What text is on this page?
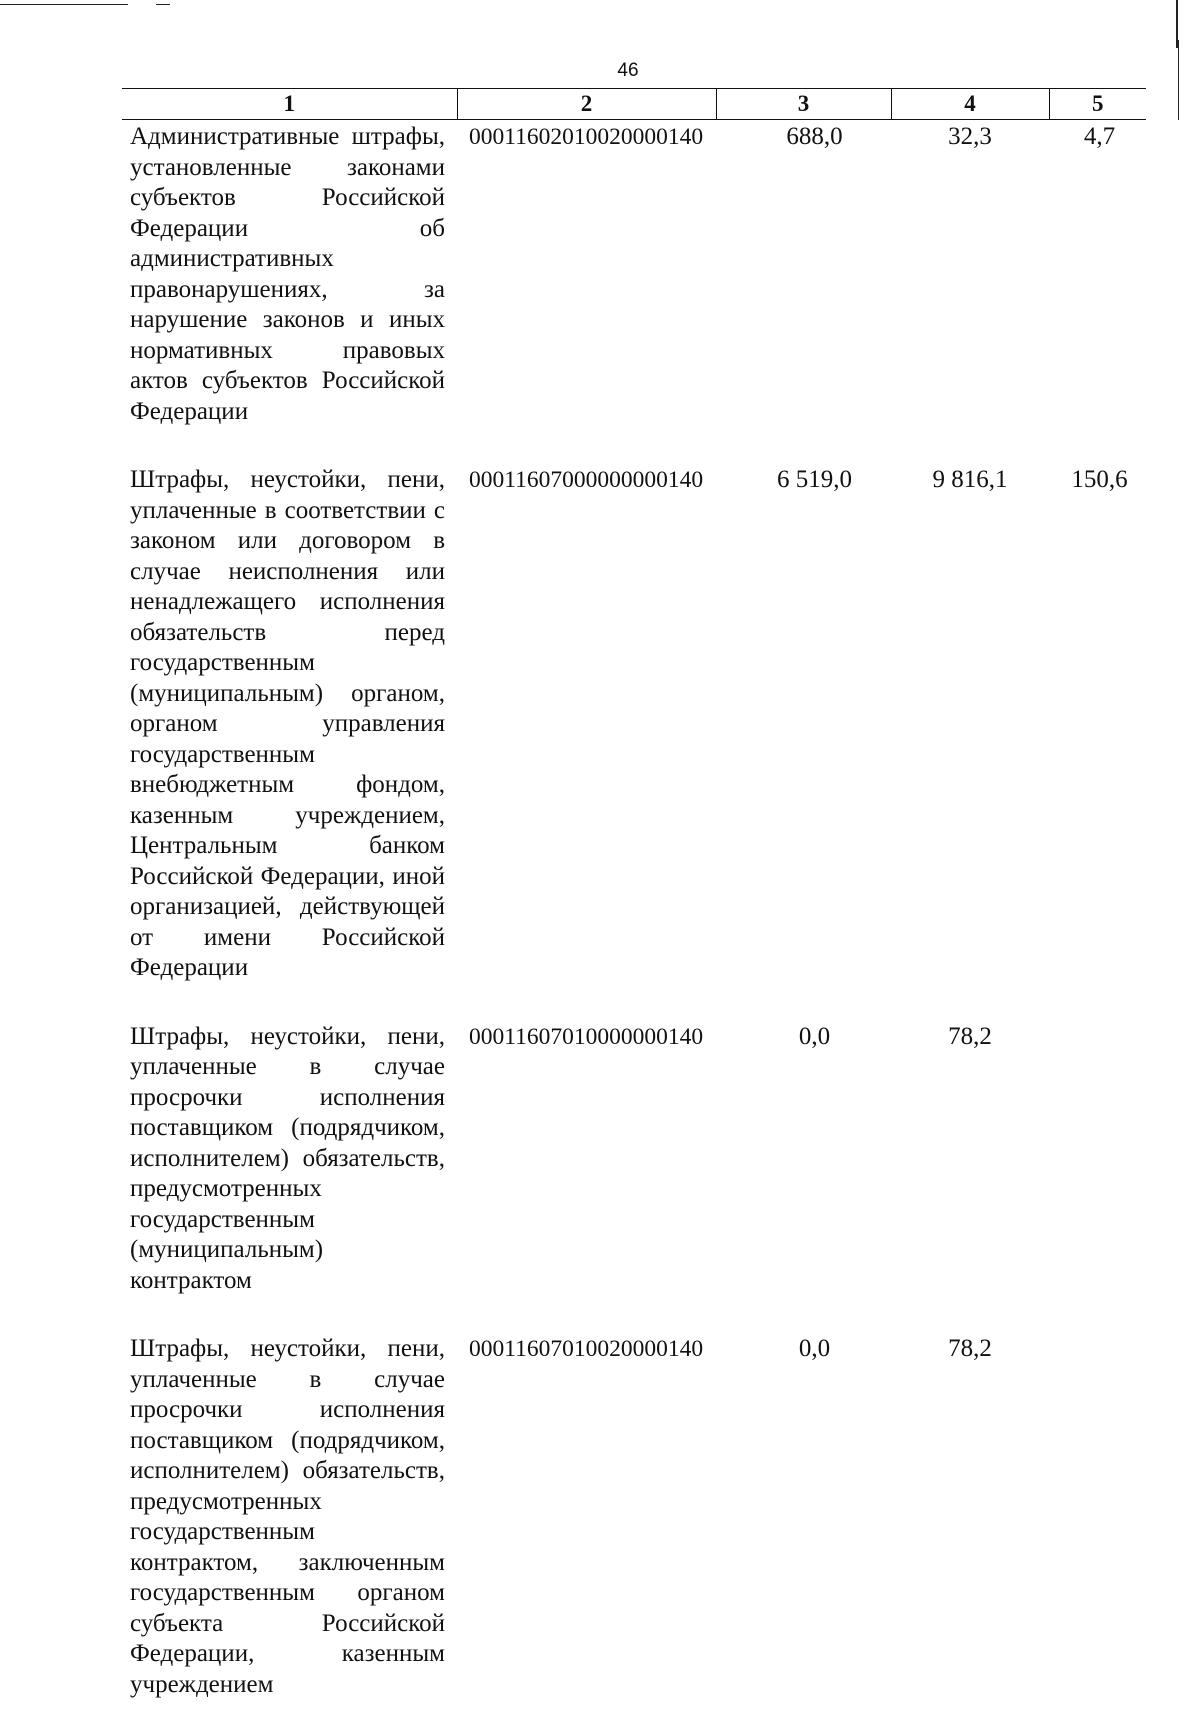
46
1	2	3	4	5
Административные штрафы, установленные законами субъектов Российской Федерации об административных правонарушениях, за нарушение законов и иных нормативных правовых актов субъектов Российской Федерации	00011602010020000140	688,0	32,3	4,7
Штрафы, неустойки, пени, уплаченные в соответствии с законом или договором в случае неисполнения или ненадлежащего исполнения обязательств перед государственным (муниципальным) органом, органом управления государственным внебюджетным фондом, казенным учреждением, Центральным банком Российской Федерации, иной организацией, действующей от имени Российской Федерации	00011607000000000140	6 519,0	9 816,1	150,6
Штрафы, неустойки, пени, уплаченные в случае просрочки исполнения поставщиком (подрядчиком, исполнителем) обязательств, предусмотренных государственным (муниципальным) контрактом	00011607010000000140	0,0	78,2	
Штрафы, неустойки, пени, уплаченные в случае просрочки исполнения поставщиком (подрядчиком, исполнителем) обязательств, предусмотренных государственным контрактом, заключенным государственным органом субъекта Российской Федерации, казенным учреждением	00011607010020000140	0,0	78,2	
